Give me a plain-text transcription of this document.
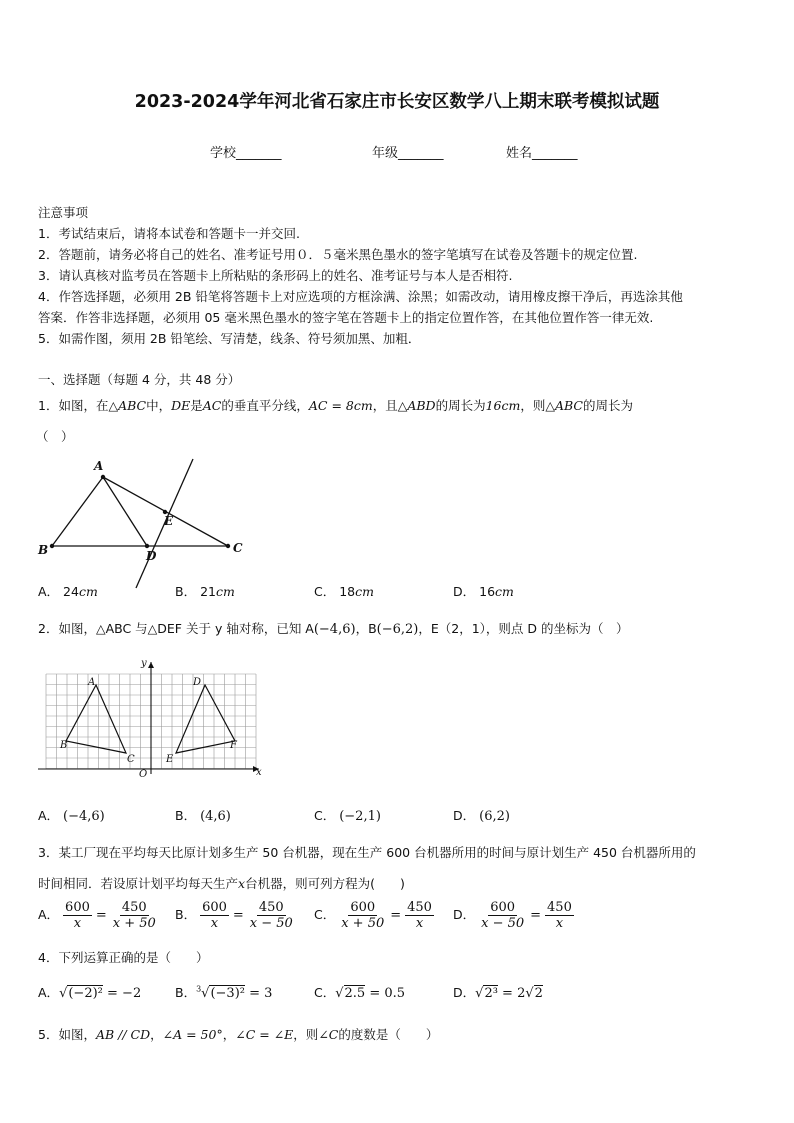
2023-2024学年河北省石家庄市长安区数学八上期末联考模拟试题
学校_______	年级_______	姓名_______
注意事项
1．考试结束后，请将本试卷和答题卡一并交回.
2．答题前，请务必将自己的姓名、准考证号用０．５毫米黑色墨水的签字笔填写在试卷及答题卡的规定位置.
3．请认真核对监考员在答题卡上所粘贴的条形码上的姓名、准考证号与本人是否相符.
4．作答选择题，必须用 2B 铅笔将答题卡上对应选项的方框涂满、涂黑；如需改动，请用橡皮擦干净后，再选涂其他
答案．作答非选择题，必须用 05 毫米黑色墨水的签字笔在答题卡上的指定位置作答，在其他位置作答一律无效.
5．如需作图，须用 2B 铅笔绘、写清楚，线条、符号须加黑、加粗．
一、选择题（每题 4 分，共 48 分）
1．如图，在△ABC中，DE是AC的垂直平分线，AC = 8cm，且△ABD的周长为16cm，则△ABC的周长为
（　）
A
B	C
D
E
A． 24cm	B． 21cm	C． 18cm	D． 16cm
2．如图，△ABC 与△DEF 关于 y 轴对称，已知 A(−4,6)，B(−6,2)，E（2，1），则点 D 的坐标为（　）
y
x
O
A
B
C
D
E
F
A． (−4,6)	B． (4,6)	C． (−2,1)	D． (6,2)
3．某工厂现在平均每天比原计划多生产 50 台机器，现在生产 600 台机器所用的时间与原计划生产 450 台机器所用的
时间相同．若设原计划平均每天生产x台机器，则可列方程为(　　)
A． $\frac{600}{x} = \frac{450}{x + 50}$ B． $\frac{600}{x} = \frac{450}{x - 50}$ C． $\frac{600}{x + 50} = \frac{450}{x}$ D． $\frac{600}{x - 50} = \frac{450}{x}$
4．下列运算正确的是（　　）
A．√(−2)² = −2	B．$^3$√(−3)² = 3	C．√2.5 = 0.5	D．√2³ = 2√2
5．如图，AB // CD，∠A = 50°，∠C = ∠E，则∠C的度数是（　　）
